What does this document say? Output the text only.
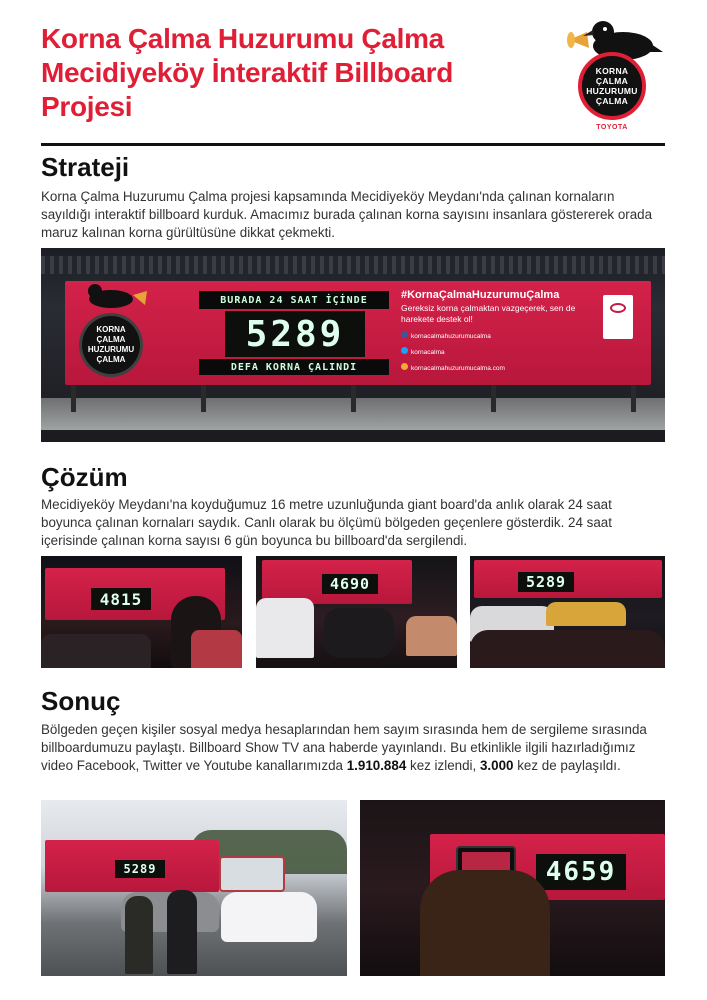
Korna Çalma Huzurumu Çalma
Mecidiyeköy İnteraktif Billboard
Projesi
KORNA
ÇALMA
HUZURUMU
ÇALMA
TOYOTA
Strateji
Korna Çalma Huzurumu Çalma projesi kapsamında Mecidiyeköy Meydanı'nda çalınan kornaların sayıldığı interaktif billboard kurduk. Amacımız burada çalınan korna sayısını insanlara göstererek orada maruz kalınan korna gürültüsüne dikkat çekmekti.
KORNA
ÇALMA
HUZURUMU
ÇALMA
BURADA 24 SAAT İÇİNDE
5289
DEFA KORNA ÇALINDI
#KornaÇalmaHuzurumuÇalma
Gereksiz korna çalmaktan vazgeçerek, sen de harekete destek ol!
kornacalmahuzurumucalma
kornacalma
kornacalmahuzurumucalma.com
Çözüm
Mecidiyeköy Meydanı'na koyduğumuz 16 metre uzunluğunda giant board'da anlık olarak 24 saat boyunca çalınan kornaları saydık. Canlı olarak bu ölçümü bölgeden geçenlere gösterdik. 24 saat içerisinde çalınan korna sayısı 6 gün boyunca bu billboard'da sergilendi.
4815
4690	5289
Sonuç
Bölgeden geçen kişiler sosyal medya hesaplarından hem sayım sırasında hem de sergileme sırasında billboardumuzu paylaştı. Billboard Show TV ana haberde yayınlandı. Bu etkinlikle ilgili hazırladığımız video Facebook, Twitter ve Youtube kanallarımızda 1.910.884 kez izlendi, 3.000 kez de paylaşıldı.
5289	4659
